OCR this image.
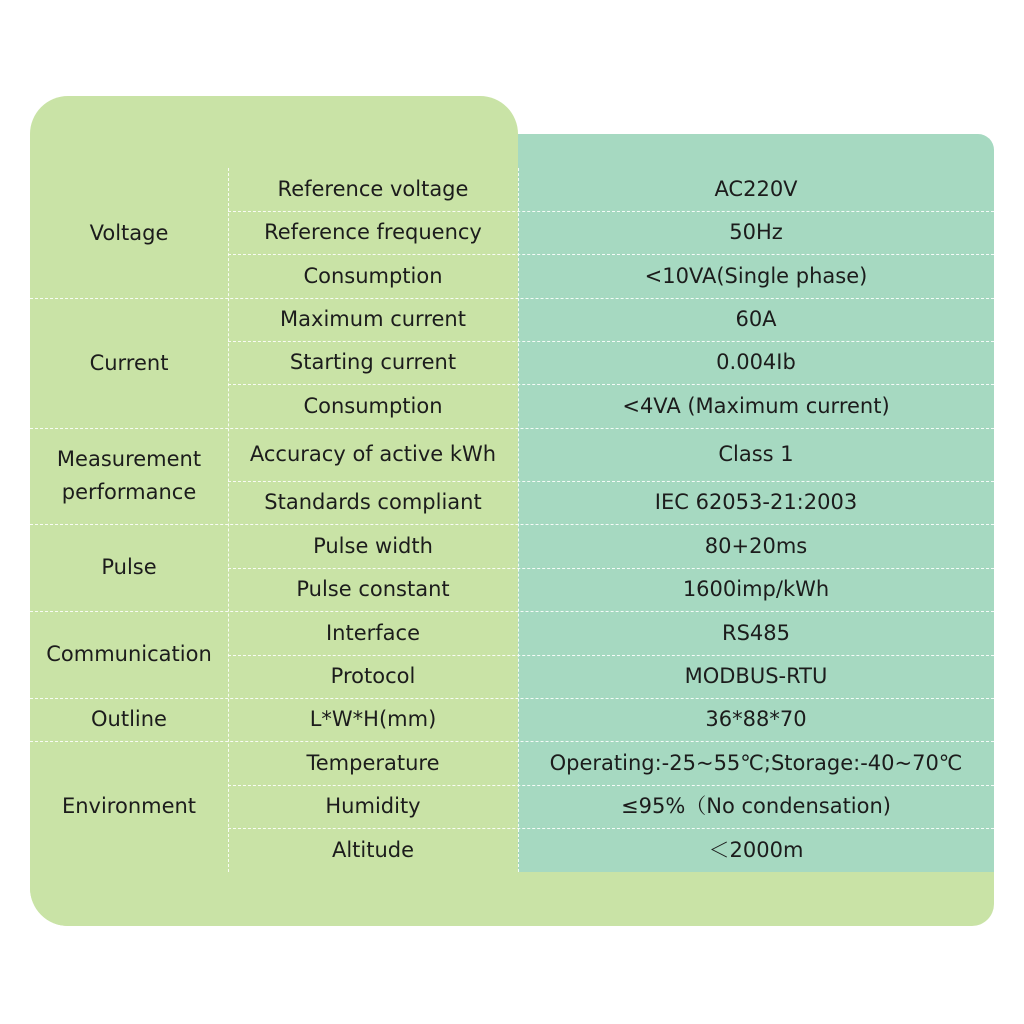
Voltage
Reference voltage	AC220V
Reference frequency	50Hz
Consumption	<10VA(Single phase)
Current
Maximum current	60A
Starting current	0.004Ib
Consumption	<4VA (Maximum current)
Measurement performance
Accuracy of active kWh	Class 1
Standards compliant	IEC 62053-21:2003
Pulse
Pulse width	80+20ms
Pulse constant	1600imp/kWh
Communication
Interface	RS485
Protocol	MODBUS-RTU
Outline	L*W*H(mm)	36*88*70
Environment
Temperature	Operating:-25~55℃;Storage:-40~70℃
Humidity	≤95%（No condensation)
Altitude	＜2000m
